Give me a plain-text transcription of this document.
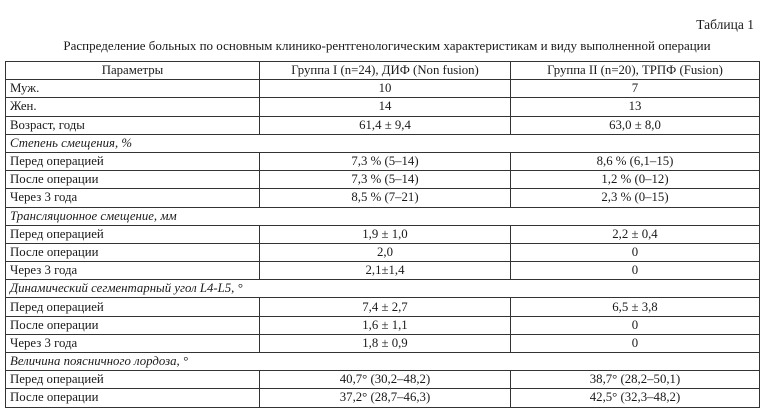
Таблица 1
Распределение больных по основным клинико-рентгенологическим характеристикам и виду выполненной операции
Параметры	Группа I (n=24), ДИФ (Non fusion)	Группа II (n=20), ТРПФ (Fusion)
Муж.	10	7
Жен.	14	13
Возраст, годы	61,4 ± 9,4	63,0 ± 8,0
Степень смещения, %		
Перед операцией	7,3 % (5–14)	8,6 % (6,1–15)
После операции	7,3 % (5–14)	1,2 % (0–12)
Через 3 года	8,5 % (7–21)	2,3 % (0–15)
Трансляционное смещение, мм		
Перед операцией	1,9 ± 1,0	2,2 ± 0,4
После операции	2,0	0
Через 3 года	2,1±1,4	0
Динамический сегментарный угол L4-L5, °		
Перед операцией	7,4 ± 2,7	6,5 ± 3,8
После операции	1,6 ± 1,1	0
Через 3 года	1,8 ± 0,9	0
Величина поясничного лордоза, °		
Перед операцией	40,7° (30,2–48,2)	38,7° (28,2–50,1)
После операции	37,2° (28,7–46,3)	42,5° (32,3–48,2)
